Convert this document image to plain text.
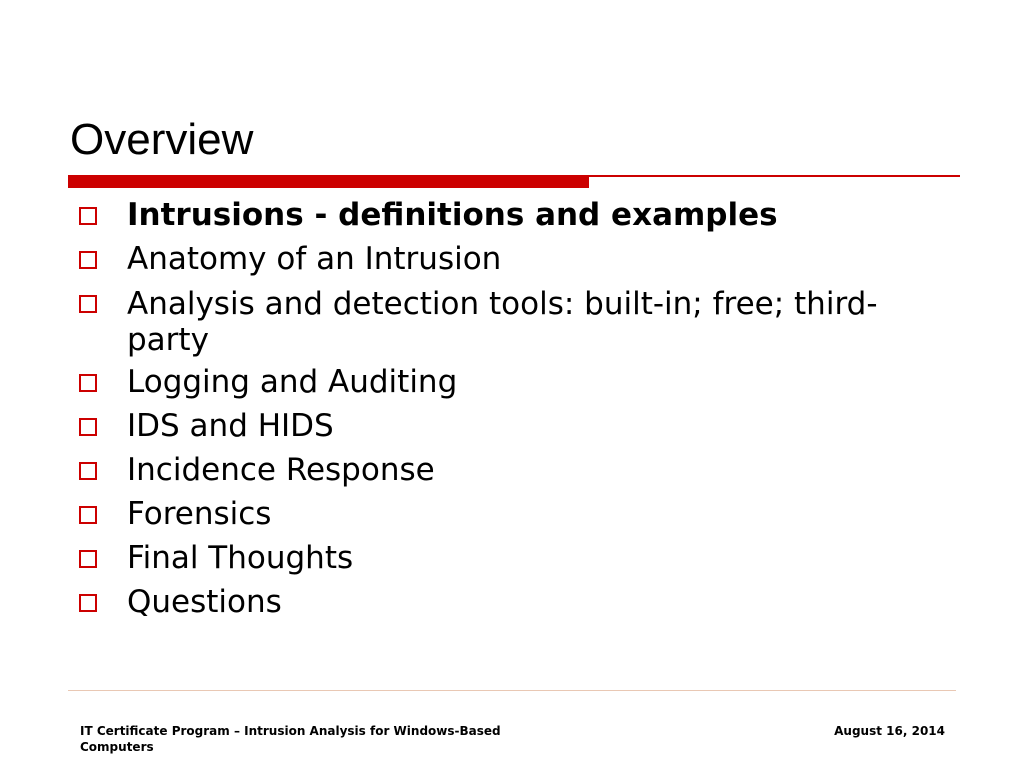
Overview
Intrusions - definitions and examples
Anatomy of an Intrusion
Analysis and detection tools: built-in; free; third-party
Logging and Auditing
IDS and HIDS
Incidence Response
Forensics
Final Thoughts
Questions
IT Certificate Program – Intrusion Analysis for Windows-Based Computers
August 16, 2014
